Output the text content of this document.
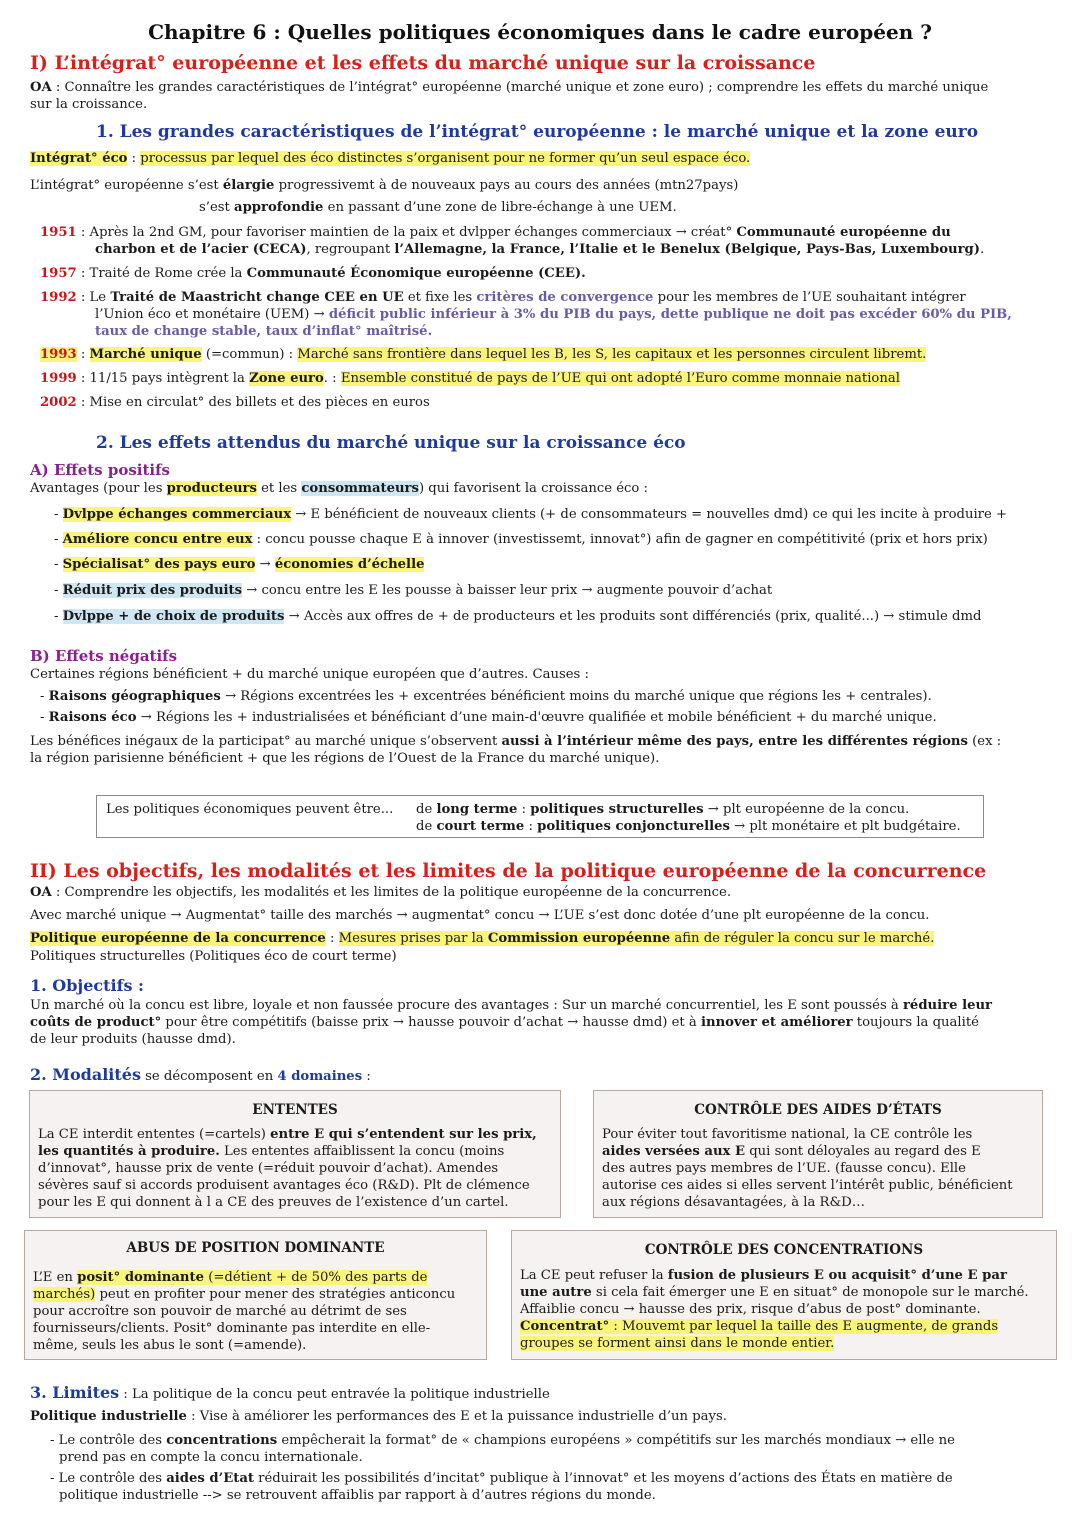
Chapitre 6 : Quelles politiques économiques dans le cadre européen ?
I) L’intégrat° européenne et les effets du marché unique sur la croissance
OA : Connaître les grandes caractéristiques de l’intégrat° européenne (marché unique et zone euro) ; comprendre les effets du marché unique
sur la croissance.
1. Les grandes caractéristiques de l’intégrat° européenne : le marché unique et la zone euro
Intégrat° éco : processus par lequel des éco distinctes s’organisent pour ne former qu’un seul espace éco.
L’intégrat° européenne s’est élargie progressivemt à de nouveaux pays au cours des années (mtn27pays)
s’est approfondie en passant d’une zone de libre-échange à une UEM.
1951 : Après la 2nd GM, pour favoriser maintien de la paix et dvlpper échanges commerciaux → créat° Communauté européenne du
charbon et de l’acier (CECA), regroupant l’Allemagne, la France, l’Italie et le Benelux (Belgique, Pays-Bas, Luxembourg).
1957 : Traité de Rome crée la Communauté Économique européenne (CEE).
1992 : Le Traité de Maastricht change CEE en UE et fixe les critères de convergence pour les membres de l’UE souhaitant intégrer
l’Union éco et monétaire (UEM) → déficit public inférieur à 3% du PIB du pays, dette publique ne doit pas excéder 60% du PIB,
taux de change stable, taux d’inflat° maîtrisé.
1993 : Marché unique (=commun) : Marché sans frontière dans lequel les B, les S, les capitaux et les personnes circulent libremt.
1999 : 11/15 pays intègrent la Zone euro. : Ensemble constitué de pays de l’UE qui ont adopté l’Euro comme monnaie national
2002 : Mise en circulat° des billets et des pièces en euros
2. Les effets attendus du marché unique sur la croissance éco
A) Effets positifs
Avantages (pour les producteurs et les consommateurs) qui favorisent la croissance éco :
- Dvlppe échanges commerciaux → E bénéficient de nouveaux clients (+ de consommateurs = nouvelles dmd) ce qui les incite à produire +
- Améliore concu entre eux : concu pousse chaque E à innover (investissemt, innovat°) afin de gagner en compétitivité (prix et hors prix)
- Spécialisat° des pays euro → économies d’échelle
- Réduit prix des produits → concu entre les E les pousse à baisser leur prix → augmente pouvoir d’achat
- Dvlppe + de choix de produits → Accès aux offres de + de producteurs et les produits sont différenciés (prix, qualité...) → stimule dmd
B) Effets négatifs
Certaines régions bénéficient + du marché unique européen que d’autres. Causes :
- Raisons géographiques → Régions excentrées les + excentrées bénéficient moins du marché unique que régions les + centrales).
- Raisons éco → Régions les + industrialisées et bénéficiant d’une main-d'œuvre qualifiée et mobile bénéficient + du marché unique.
Les bénéfices inégaux de la participat° au marché unique s’observent aussi à l’intérieur même des pays, entre les différentes régions (ex :
la région parisienne bénéficient + que les régions de l’Ouest de la France du marché unique).
Les politiques économiques peuvent être... de long terme : politiques structurelles → plt européenne de la concu.
de court terme : politiques conjoncturelles → plt monétaire et plt budgétaire.
II) Les objectifs, les modalités et les limites de la politique européenne de la concurrence
OA : Comprendre les objectifs, les modalités et les limites de la politique européenne de la concurrence.
Avec marché unique → Augmentat° taille des marchés → augmentat° concu → L’UE s’est donc dotée d’une plt européenne de la concu.
Politique européenne de la concurrence : Mesures prises par la Commission européenne afin de réguler la concu sur le marché.
Politiques structurelles (Politiques éco de court terme)
1. Objectifs :
Un marché où la concu est libre, loyale et non faussée procure des avantages : Sur un marché concurrentiel, les E sont poussés à réduire leur
coûts de product° pour être compétitifs (baisse prix → hausse pouvoir d’achat → hausse dmd) et à innover et améliorer toujours la qualité
de leur produits (hausse dmd).
2. Modalités se décomposent en 4 domaines :
ENTENTES
La CE interdit ententes (=cartels) entre E qui s’entendent sur les prix,
les quantités à produire. Les ententes affaiblissent la concu (moins
d’innovat°, hausse prix de vente (=réduit pouvoir d’achat). Amendes
sévères sauf si accords produisent avantages éco (R&D). Plt de clémence
pour les E qui donnent à l a CE des preuves de l’existence d’un cartel.
CONTRÔLE DES AIDES D’ÉTATS
Pour éviter tout favoritisme national, la CE contrôle les
aides versées aux E qui sont déloyales au regard des E
des autres pays membres de l’UE. (fausse concu). Elle
autorise ces aides si elles servent l’intérêt public, bénéficient
aux régions désavantagées, à la R&D…
ABUS DE POSITION DOMINANTE
L’E en posit° dominante (=détient + de 50% des parts de
marchés) peut en profiter pour mener des stratégies anticoncu
pour accroître son pouvoir de marché au détrimt de ses
fournisseurs/clients. Posit° dominante pas interdite en elle-
même, seuls les abus le sont (=amende).
CONTRÔLE DES CONCENTRATIONS
La CE peut refuser la fusion de plusieurs E ou acquisit° d’une E par
une autre si cela fait émerger une E en situat° de monopole sur le marché.
Affaiblie concu → hausse des prix, risque d’abus de post° dominante.
Concentrat° : Mouvemt par lequel la taille des E augmente, de grands
groupes se forment ainsi dans le monde entier.
3. Limites : La politique de la concu peut entravée la politique industrielle
Politique industrielle : Vise à améliorer les performances des E et la puissance industrielle d’un pays.
- Le contrôle des concentrations empêcherait la format° de « champions européens » compétitifs sur les marchés mondiaux → elle ne
prend pas en compte la concu internationale.
- Le contrôle des aides d’Etat réduirait les possibilités d’incitat° publique à l’innovat° et les moyens d’actions des États en matière de
politique industrielle --> se retrouvent affaiblis par rapport à d’autres régions du monde.
